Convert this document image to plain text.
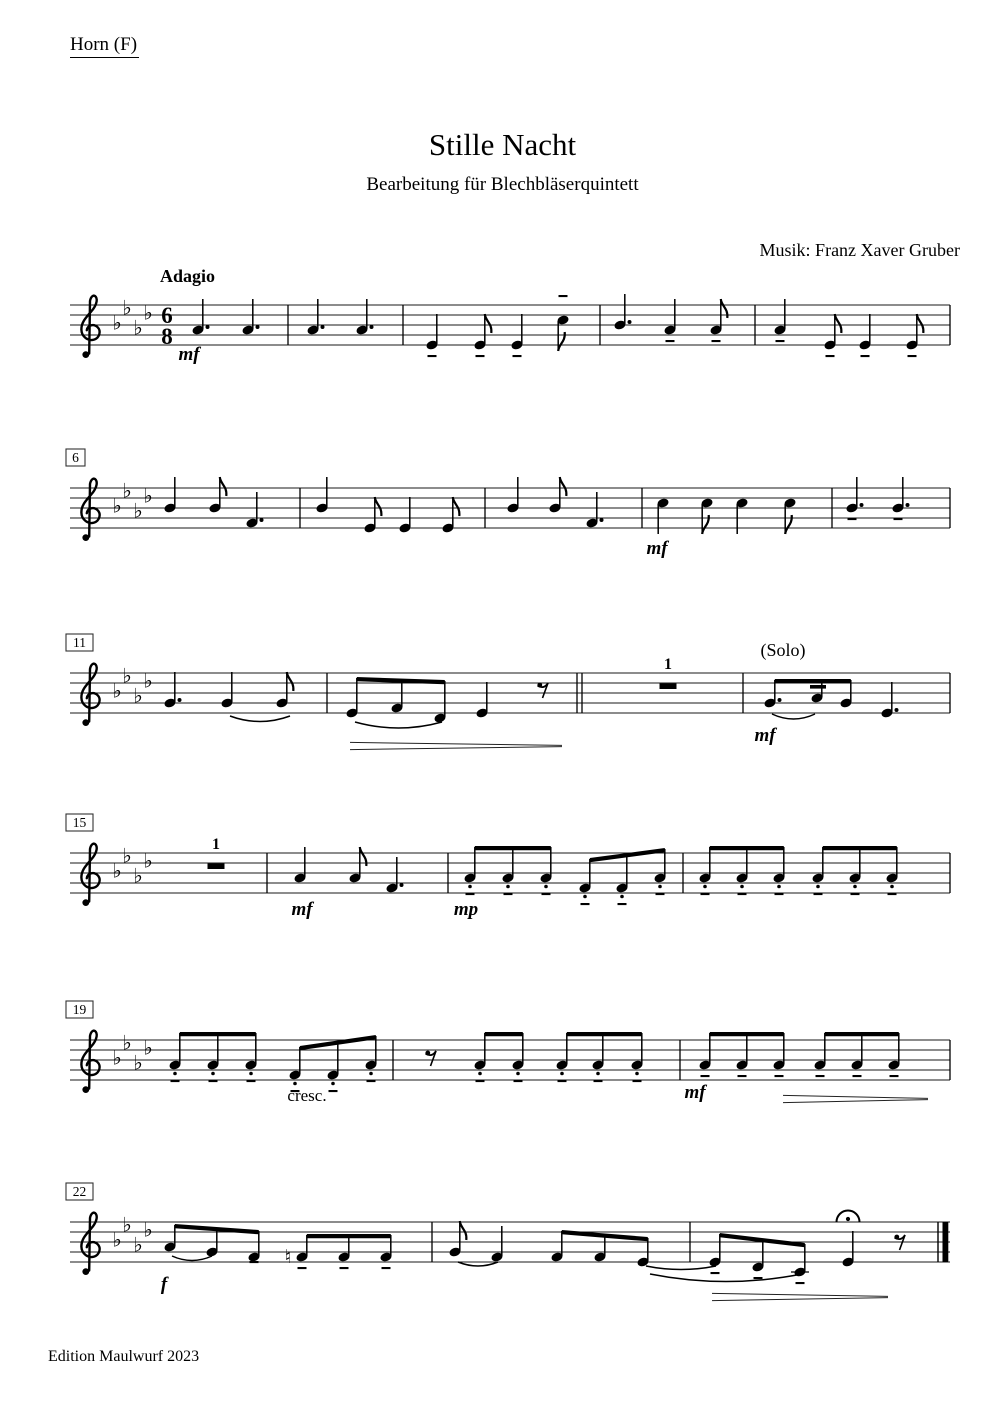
Horn (F)
Stille Nacht
Bearbeitung für Blechbläserquintett
Musik: Franz Xaver Gruber
♭
♭
♭
♭ 6
8
Adagio
mf
♭
♭
♭
♭
6
mf
♭
♭
♭
♭
11
1
(Solo)
mf
♭
♭
♭
♭
15
1
mf	mp
♭
♭
♭
♭
19
cresc.	mf
♭
♭
♭
♭
22
f
♮
Edition Maulwurf 2023
